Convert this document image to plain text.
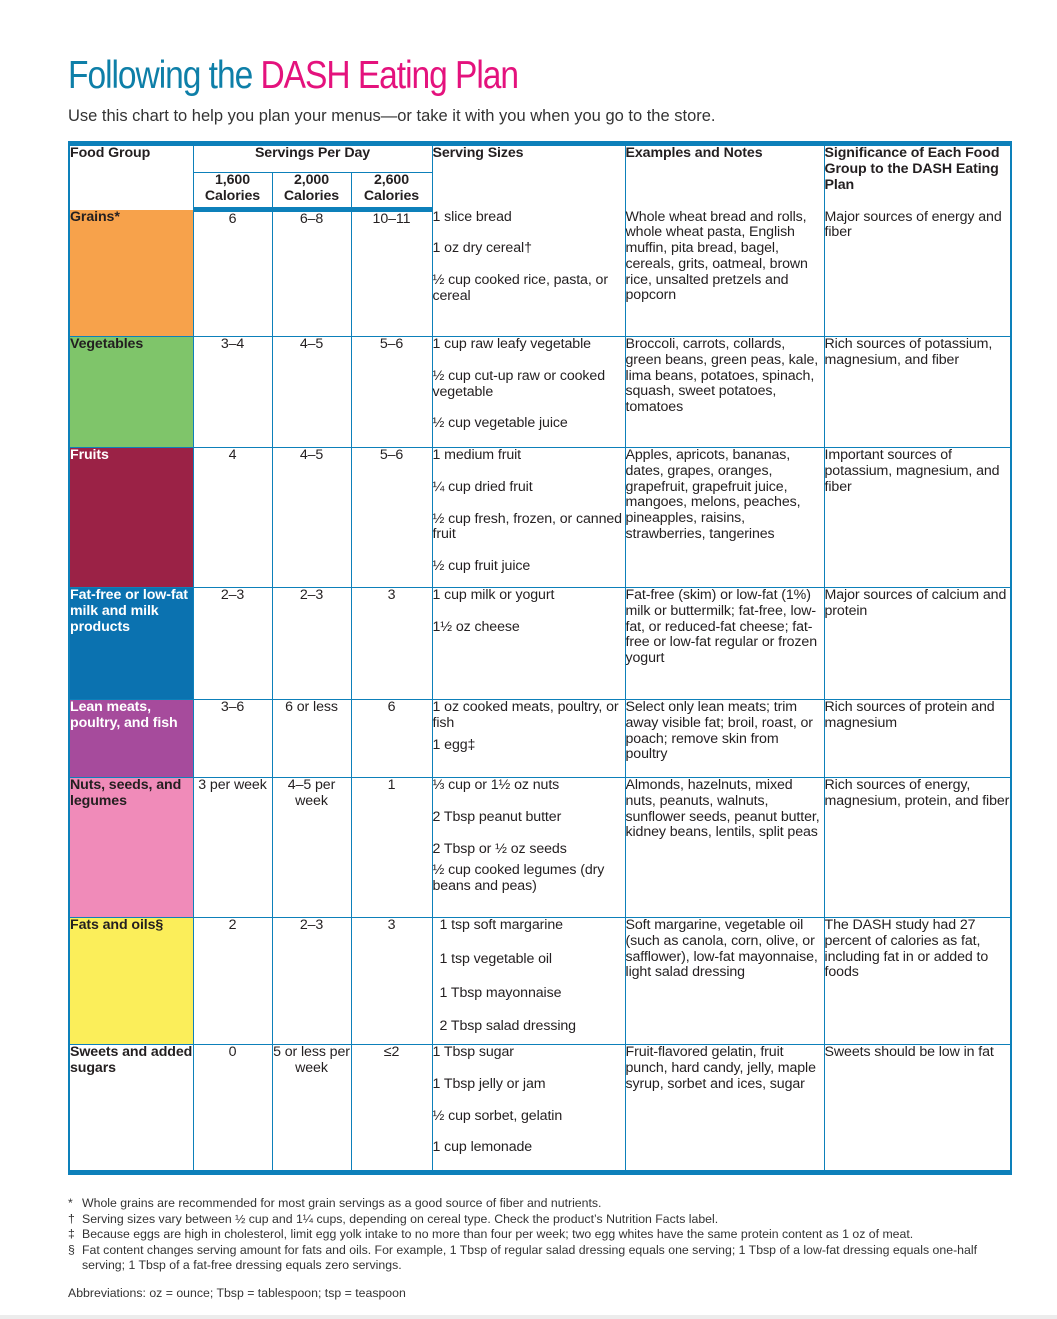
Following the DASH Eating Plan
Use this chart to help you plan your menus—or take it with you when you go to the store.
Food Group	Servings Per Day			Serving Sizes	Examples and Notes	Significance of Each Food Group to the DASH Eating Plan
	1,600 Calories	2,000 Calories	2,600 Calories			
Grains*	6	6–8	10–11	1 slice bread
1 oz dry cereal†
½ cup cooked rice, pasta, or cereal	Whole wheat bread and rolls, whole wheat pasta, English muffin, pita bread, bagel, cereals, grits, oatmeal, brown rice, unsalted pretzels and popcorn	Major sources of energy and fiber
Vegetables	3–4	4–5	5–6	1 cup raw leafy vegetable
½ cup cut-up raw or cooked vegetable
½ cup vegetable juice	Broccoli, carrots, collards, green beans, green peas, kale, lima beans, potatoes, spinach, squash, sweet potatoes, tomatoes	Rich sources of potassium, magnesium, and fiber
Fruits	4	4–5	5–6	1 medium fruit
¼ cup dried fruit
½ cup fresh, frozen, or canned fruit
½ cup fruit juice	Apples, apricots, bananas, dates, grapes, oranges, grapefruit, grapefruit juice, mangoes, melons, peaches, pineapples, raisins, strawberries, tangerines	Important sources of potassium, magnesium, and fiber
Fat-free or low-fat milk and milk products	2–3	2–3	3	1 cup milk or yogurt
1½ oz cheese	Fat-free (skim) or low-fat (1%) milk or buttermilk; fat-free, low-fat, or reduced-fat cheese; fat-free or low-fat regular or frozen yogurt	Major sources of calcium and protein
Lean meats, poultry, and fish	3–6	6 or less	6	1 oz cooked meats, poultry, or fish
1 egg‡	Select only lean meats; trim away visible fat; broil, roast, or poach; remove skin from poultry	Rich sources of protein and magnesium
Nuts, seeds, and legumes	3 per week	4–5 per week	1	⅓ cup or 1½ oz nuts
2 Tbsp peanut butter
2 Tbsp or ½ oz seeds
½ cup cooked legumes (dry beans and peas)	Almonds, hazelnuts, mixed nuts, peanuts, walnuts, sunflower seeds, peanut butter, kidney beans, lentils, split peas	Rich sources of energy, magnesium, protein, and fiber
Fats and oils§	2	2–3	3	1 tsp soft margarine
1 tsp vegetable oil
1 Tbsp mayonnaise
2 Tbsp salad dressing	Soft margarine, vegetable oil (such as canola, corn, olive, or safflower), low-fat mayonnaise, light salad dressing	The DASH study had 27 percent of calories as fat, including fat in or added to foods
Sweets and added sugars	0	5 or less per week	≤2	1 Tbsp sugar
1 Tbsp jelly or jam
½ cup sorbet, gelatin
1 cup lemonade	Fruit-flavored gelatin, fruit punch, hard candy, jelly, maple syrup, sorbet and ices, sugar	Sweets should be low in fat
* Whole grains are recommended for most grain servings as a good source of fiber and nutrients.
† Serving sizes vary between ½ cup and 1¼ cups, depending on cereal type. Check the product’s Nutrition Facts label.
‡ Because eggs are high in cholesterol, limit egg yolk intake to no more than four per week; two egg whites have the same protein content as 1 oz of meat.
§ Fat content changes serving amount for fats and oils. For example, 1 Tbsp of regular salad dressing equals one serving; 1 Tbsp of a low-fat dressing equals one-half serving; 1 Tbsp of a fat-free dressing equals zero servings.
Abbreviations: oz = ounce; Tbsp = tablespoon; tsp = teaspoon
